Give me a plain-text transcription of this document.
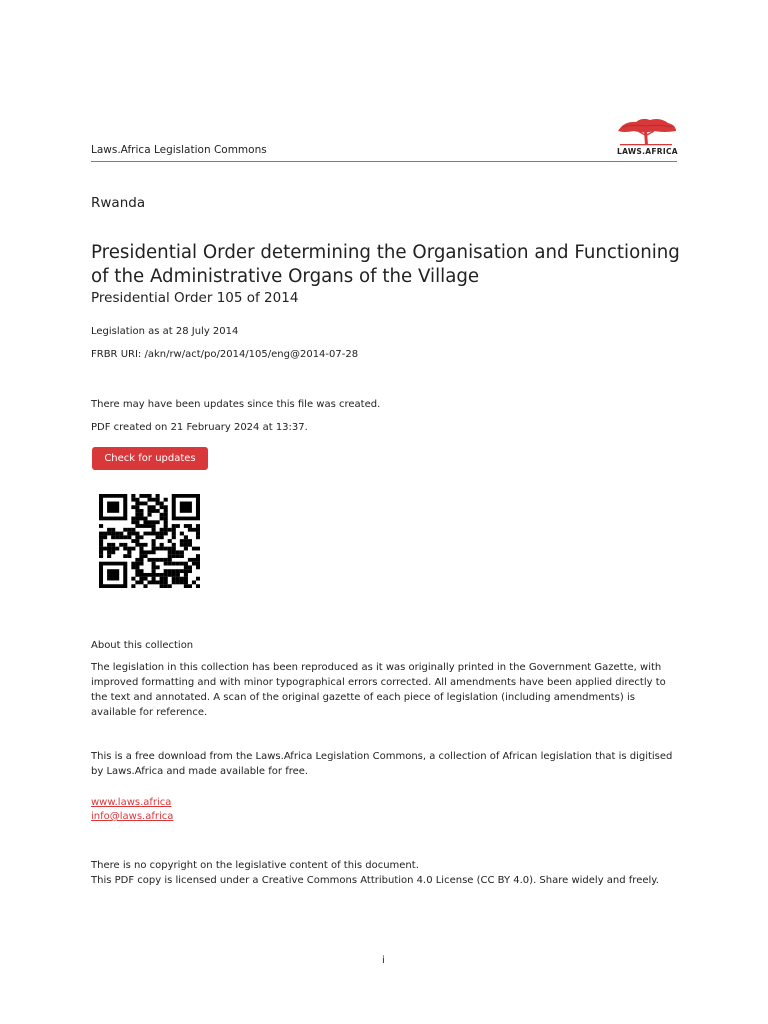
Laws.Africa Legislation Commons	LAWS.AFRICA
Rwanda
Presidential Order determining the Organisation and Functioning of the Administrative Organs of the Village
Presidential Order 105 of 2014
Legislation as at 28 July 2014
FRBR URI: /akn/rw/act/po/2014/105/eng@2014-07-28
There may have been updates since this file was created.
PDF created on 21 February 2024 at 13:37.
Check for updates
About this collection
The legislation in this collection has been reproduced as it was originally printed in the Government Gazette, with improved formatting and with minor typographical errors corrected. All amendments have been applied directly to the text and annotated. A scan of the original gazette of each piece of legislation (including amendments) is available for reference.
This is a free download from the Laws.Africa Legislation Commons, a collection of African legislation that is digitised by Laws.Africa and made available for free.
www.laws.africa
info@laws.africa
There is no copyright on the legislative content of this document.
This PDF copy is licensed under a Creative Commons Attribution 4.0 License (CC BY 4.0). Share widely and freely.
i
